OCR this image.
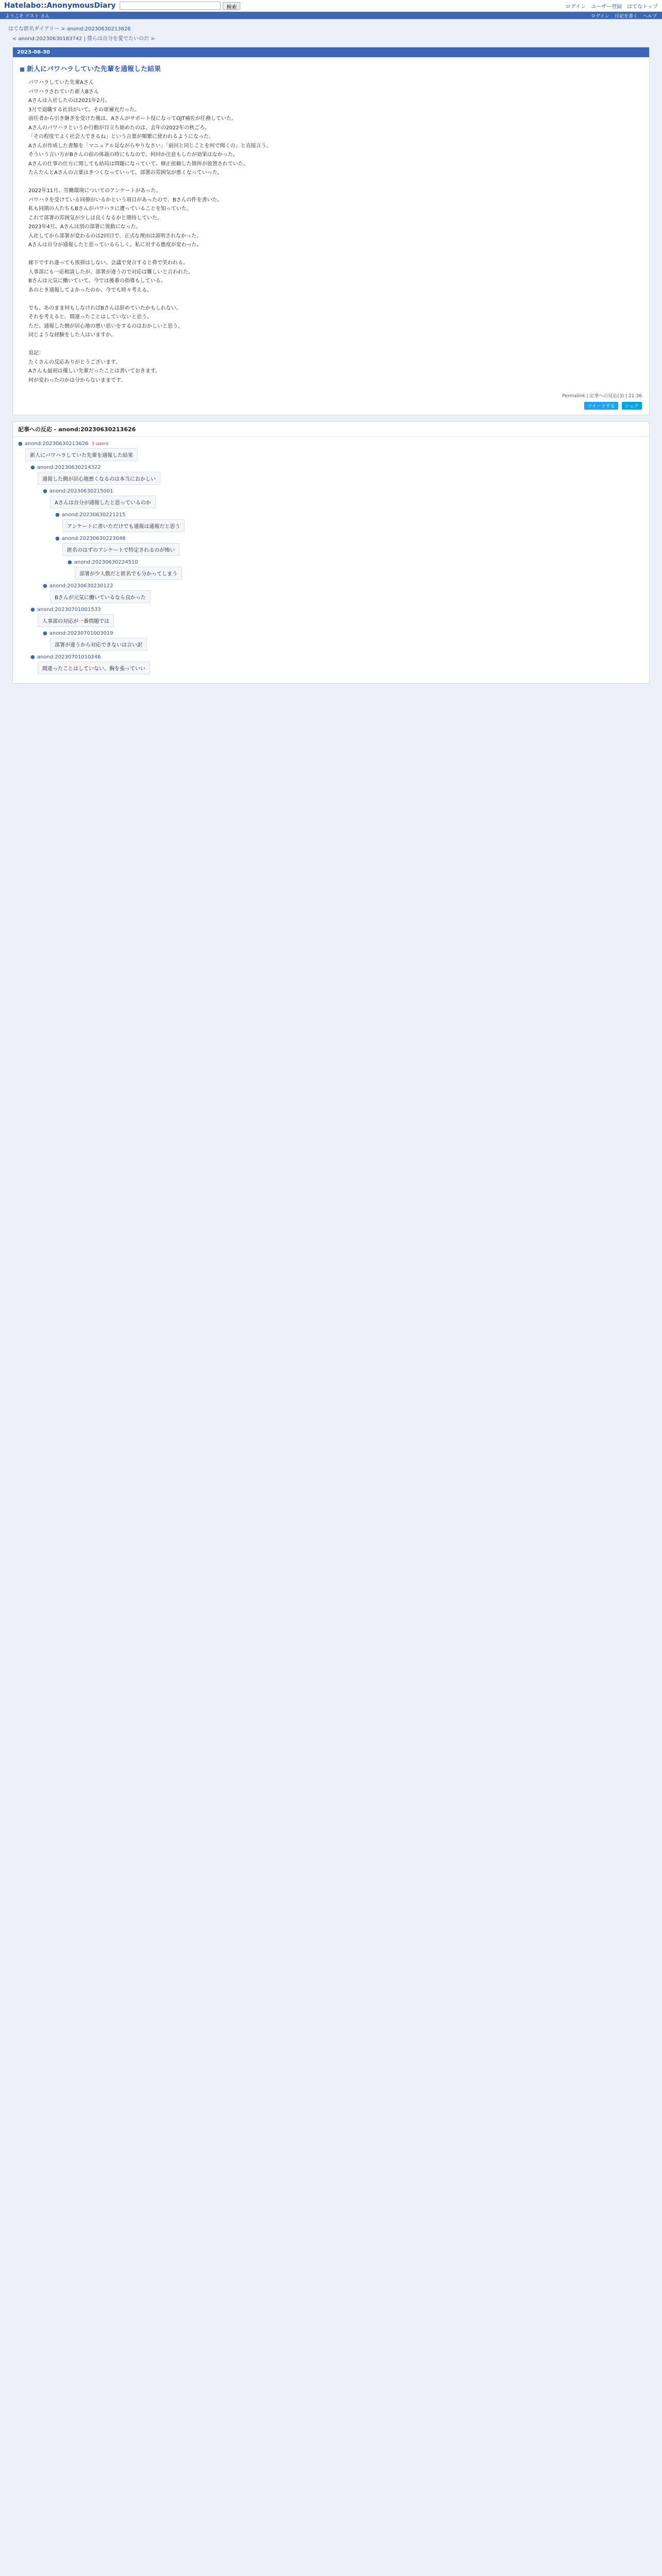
Hatelabo::AnonymousDiary	検索	ログイン ユーザー登録 はてなトップ
ようこそ ゲスト さん	ログイン 日記を書く ヘルプ
はてな匿名ダイアリー > anond:20230630213626
< anond:20230630183742 | 僕らは自分を愛でたいのだ >
2023-06-30
新人にパワハラしていた先輩を通報した結果

パワハラしていた先輩Aさん

パワハラされていた新人Bさん

Aさんは入社したのは2021年2月。

3月で退職する社員がいて、その席補充だった。

前任者から引き継ぎを受けた後は、Aさんがサポート役になってOJT補佐が任務していた。

Aさんのパワハラというか行動が目立ち始めたのは、去年の2022年の秋ごろ。

「その程度でよく社会人できるね」という言葉が頻繁に使われるようになった。

Aさんが作成した書類を「マニュアル見ながらやりなさい」「前回と同じことを何で聞くの」と直接言う。

そういう言い方がBさんの前の体裁の時にもなので、何回か注意もしたが効果はなかった。

Aさんの仕事の仕方に関しても結局は問題になっていて、修正依頼した箇所が放置されていた。

たんたんとAさんの言葉はきつくなっていって、部署の雰囲気が悪くなっていった。

2022年11月、労働環境についてのアンケートがあった。

パワハラを受けている同僚がいるかという項目があったので、Bさんの件を書いた。

私も同期の人たちもBさんがパワハラに遭っていることを知っていた。

これで部署の雰囲気が少しは良くなるかと期待していた。

2023年4月、Aさんは別の部署に異動になった。

入社してから部署が変わるのは2回目で、正式な理由は説明されなかった。

Aさんは自分が通報したと思っているらしく、私に対する態度が変わった。

廊下ですれ違っても挨拶はしない。会議で発言すると鼻で笑われる。

人事部にも一応相談したが、部署が違うので対応は難しいと言われた。

Bさんは元気に働いていて、今では後輩の指導もしている。

あのとき通報してよかったのか、今でも時々考える。

でも、あのまま何もしなければBさんは辞めていたかもしれない。

それを考えると、間違ったことはしていないと思う。

ただ、通報した側が居心地の悪い思いをするのはおかしいと思う。

同じような経験をした人はいますか。

追記：

たくさんの反応ありがとうございます。

Aさんも最初は優しい先輩だったことは書いておきます。

何が変わったのかは分からないままです。

Permalink | 記事への反応(3) | 21:36
ツイートする シェア
記事への反応 - anond:20230630213626
● anond:20230630213626 3 users
新人にパワハラしていた先輩を通報した結果
● anond:20230630214322
通報した側が居心地悪くなるのは本当におかしい
● anond:20230630215001
Aさんは自分が通報したと思っているのか
● anond:20230630221215
アンケートに書いただけでも通報は通報だと思う
● anond:20230630223048
匿名のはずのアンケートで特定されるのが怖い
● anond:20230630224510
部署が少人数だと匿名でも分かってしまう
● anond:20230630230122
Bさんが元気に働いているなら良かった
● anond:20230701001533
人事部の対応が一番問題では
● anond:20230701003019
部署が違うから対応できないは言い訳
● anond:20230701010246
間違ったことはしていない、胸を張っていい
